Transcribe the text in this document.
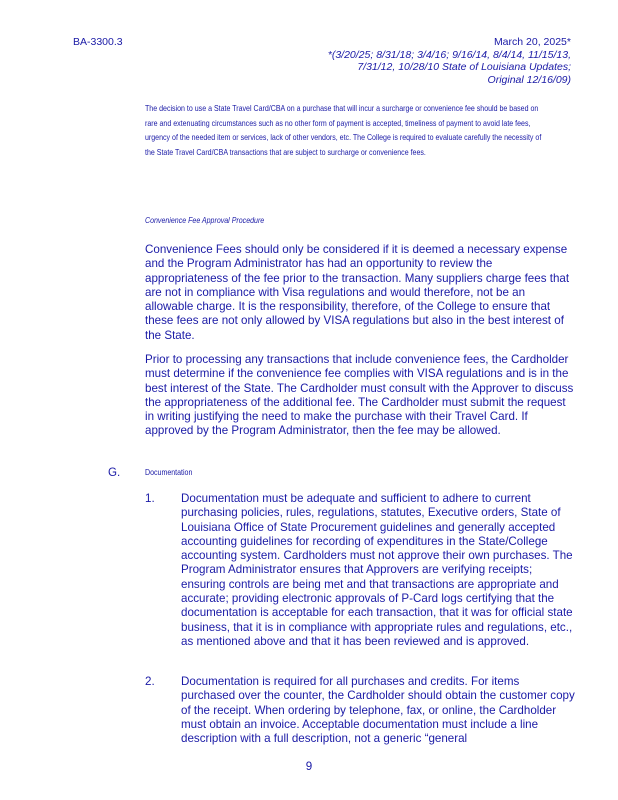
BA-3300.3	March 20, 2025*
*(3/20/25; 8/31/18; 3/4/16; 9/16/14, 8/4/14, 11/15/13,
7/31/12, 10/28/10 State of Louisiana Updates;
Original 12/16/09)
The decision to use a State Travel Card/CBA on a purchase that will incur a surcharge or convenience fee should be based on rare and extenuating circumstances such as no other form of payment is accepted, timeliness of payment to avoid late fees, urgency of the needed item or services, lack of other vendors, etc. The College is required to evaluate carefully the necessity of the State Travel Card/CBA transactions that are subject to surcharge or convenience fees.
Convenience Fee Approval Procedure
Convenience Fees should only be considered if it is deemed a necessary expense and the Program Administrator has had an opportunity to review the appropriateness of the fee prior to the transaction. Many suppliers charge fees that are not in compliance with Visa regulations and would therefore, not be an allowable charge. It is the responsibility, therefore, of the College to ensure that these fees are not only allowed by VISA regulations but also in the best interest of the State.
Prior to processing any transactions that include convenience fees, the Cardholder must determine if the convenience fee complies with VISA regulations and is in the best interest of the State. The Cardholder must consult with the Approver to discuss the appropriateness of the additional fee. The Cardholder must submit the request in writing justifying the need to make the purchase with their Travel Card. If approved by the Program Administrator, then the fee may be allowed.
G.	Documentation
1. Documentation must be adequate and sufficient to adhere to current purchasing policies, rules, regulations, statutes, Executive orders, State of Louisiana Office of State Procurement guidelines and generally accepted accounting guidelines for recording of expenditures in the State/College accounting system. Cardholders must not approve their own purchases. The Program Administrator ensures that Approvers are verifying receipts; ensuring controls are being met and that transactions are appropriate and accurate; providing electronic approvals of P-Card logs certifying that the documentation is acceptable for each transaction, that it was for official state business, that it is in compliance with appropriate rules and regulations, etc., as mentioned above and that it has been reviewed and is approved.
2. Documentation is required for all purchases and credits. For items purchased over the counter, the Cardholder should obtain the customer copy of the receipt. When ordering by telephone, fax, or online, the Cardholder must obtain an invoice. Acceptable documentation must include a line description with a full description, not a generic “general
9
